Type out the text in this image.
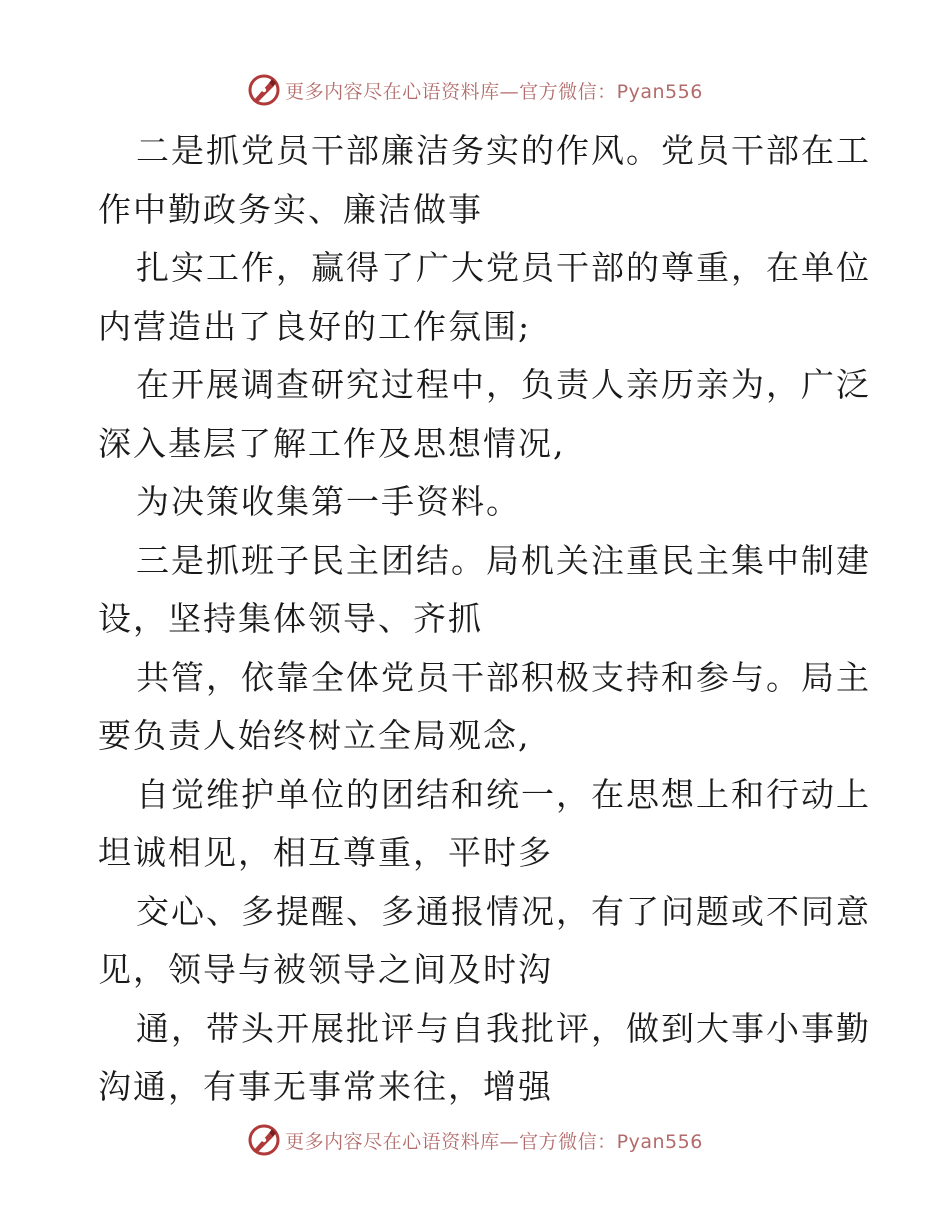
更多内容尽在心语资料库—官方微信：Pyan556
二是抓党员干部廉洁务实的作风。党员干部在工
作中勤政务实、廉洁做事
扎实工作，赢得了广大党员干部的尊重，在单位
内营造出了良好的工作氛围;
在开展调查研究过程中，负责人亲历亲为，广泛
深入基层了解工作及思想情况,
为决策收集第一手资料。
三是抓班子民主团结。局机关注重民主集中制建
设，坚持集体领导、齐抓
共管，依靠全体党员干部积极支持和参与。局主
要负责人始终树立全局观念,
自觉维护单位的团结和统一，在思想上和行动上
坦诚相见，相互尊重，平时多
交心、多提醒、多通报情况，有了问题或不同意
见，领导与被领导之间及时沟
通，带头开展批评与自我批评，做到大事小事勤
沟通，有事无事常来往，增强
更多内容尽在心语资料库—官方微信：Pyan556
